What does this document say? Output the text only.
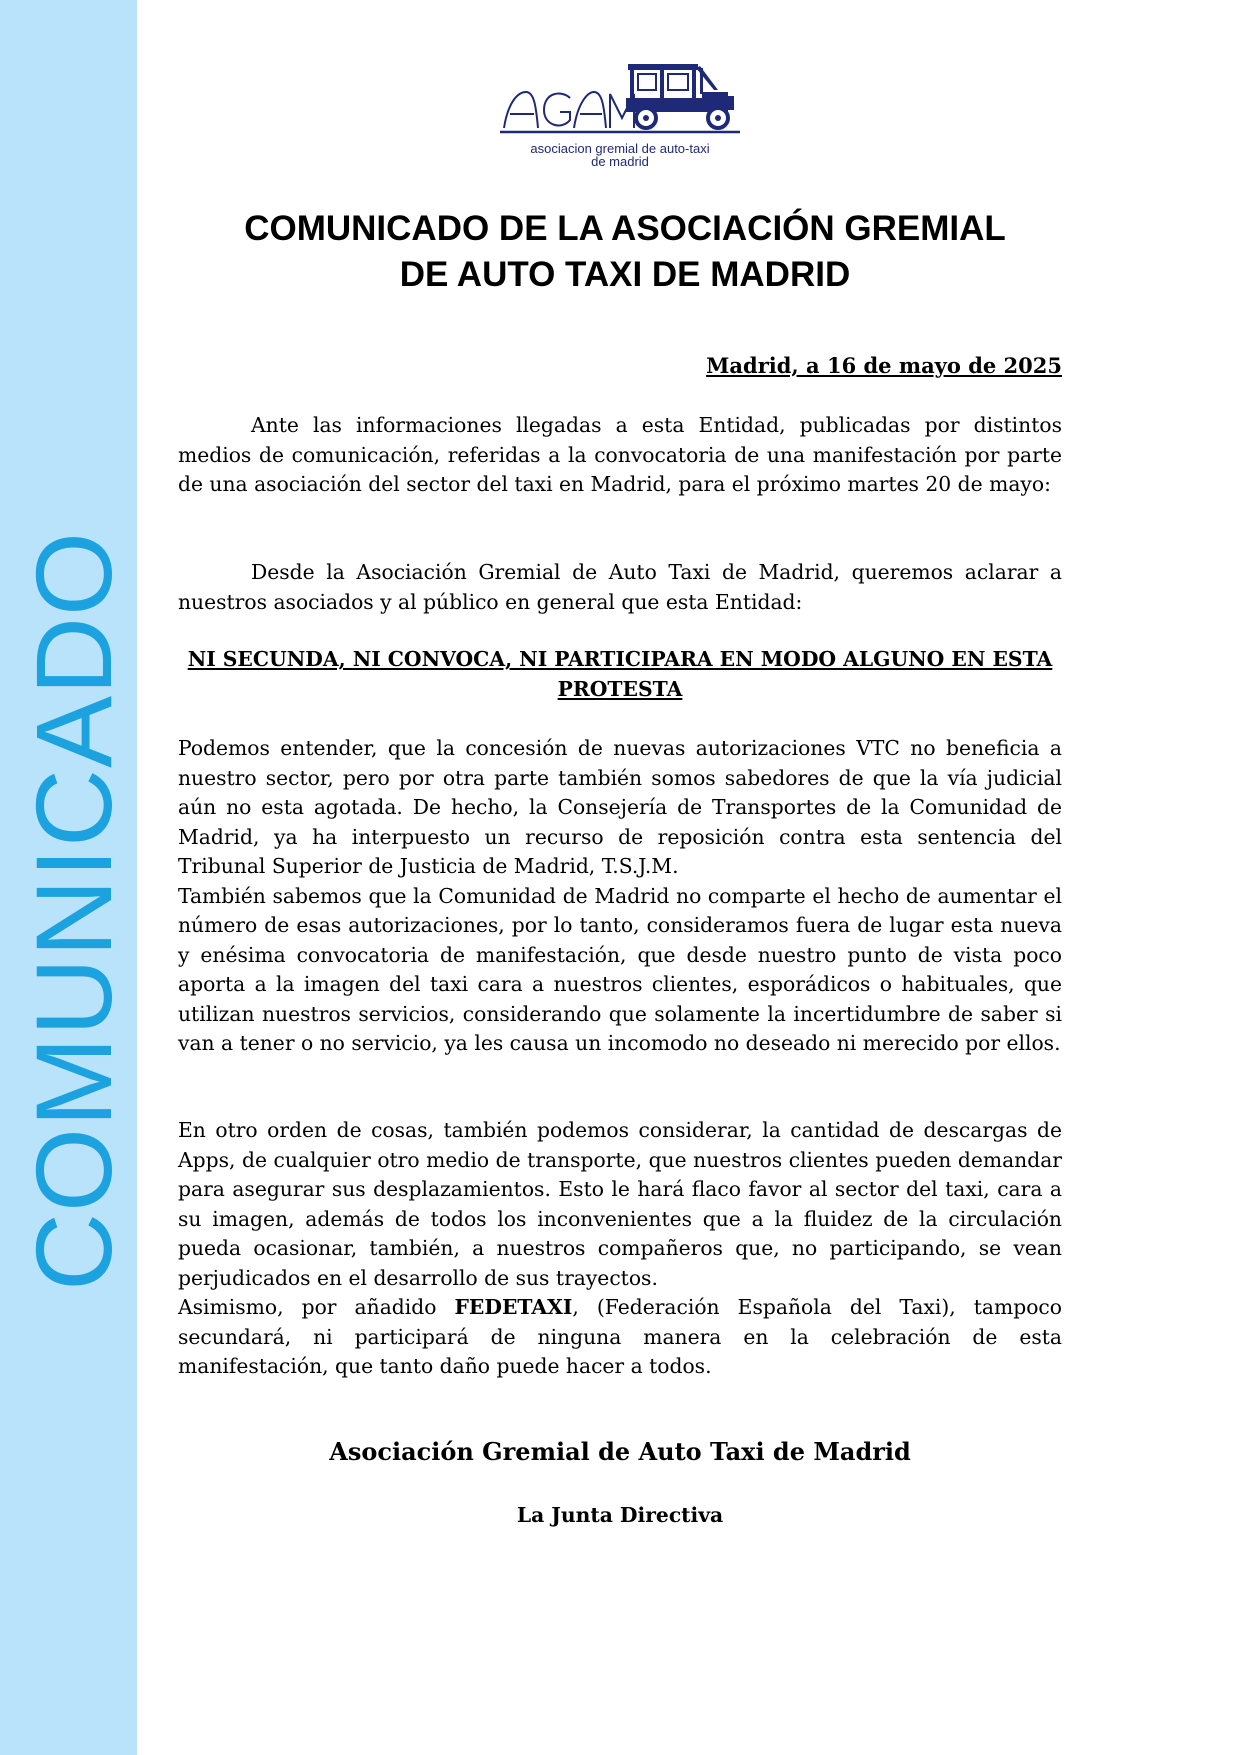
COMUNICADO
asociacion gremial de auto-taxi
de madrid
COMUNICADO DE LA ASOCIACIÓN GREMIAL
DE AUTO TAXI DE MADRID
Madrid, a 16 de mayo de 2025

Ante las informaciones llegadas a esta Entidad, publicadas por distintos medios de comunicación, referidas a la convocatoria de una manifestación por parte de una asociación del sector del taxi en Madrid, para el próximo martes 20 de mayo:

Desde la Asociación Gremial de Auto Taxi de Madrid, queremos aclarar a nuestros asociados y al público en general que esta Entidad:

NI SECUNDA, NI CONVOCA, NI PARTICIPARA EN MODO ALGUNO EN ESTA PROTESTA

Podemos entender, que la concesión de nuevas autorizaciones VTC no beneficia a nuestro sector, pero por otra parte también somos sabedores de que la vía judicial aún no esta agotada. De hecho, la Consejería de Transportes de la Comunidad de Madrid, ya ha interpuesto un recurso de reposición contra esta sentencia del Tribunal Superior de Justicia de Madrid, T.S.J.M.

También sabemos que la Comunidad de Madrid no comparte el hecho de aumentar el número de esas autorizaciones, por lo tanto, consideramos fuera de lugar esta nueva y enésima convocatoria de manifestación, que desde nuestro punto de vista poco aporta a la imagen del taxi cara a nuestros clientes, esporádicos o habituales, que utilizan nuestros servicios, considerando que solamente la incertidumbre de saber si van a tener o no servicio, ya les causa un incomodo no deseado ni merecido por ellos.

En otro orden de cosas, también podemos considerar, la cantidad de descargas de Apps, de cualquier otro medio de transporte, que nuestros clientes pueden demandar para asegurar sus desplazamientos. Esto le hará flaco favor al sector del taxi, cara a su imagen, además de todos los inconvenientes que a la fluidez de la circulación pueda ocasionar, también, a nuestros compañeros que, no participando, se vean perjudicados en el desarrollo de sus trayectos.

Asimismo, por añadido FEDETAXI, (Federación Española del Taxi), tampoco secundará, ni participará de ninguna manera en la celebración de esta manifestación, que tanto daño puede hacer a todos.

Asociación Gremial de Auto Taxi de Madrid
La Junta Directiva
